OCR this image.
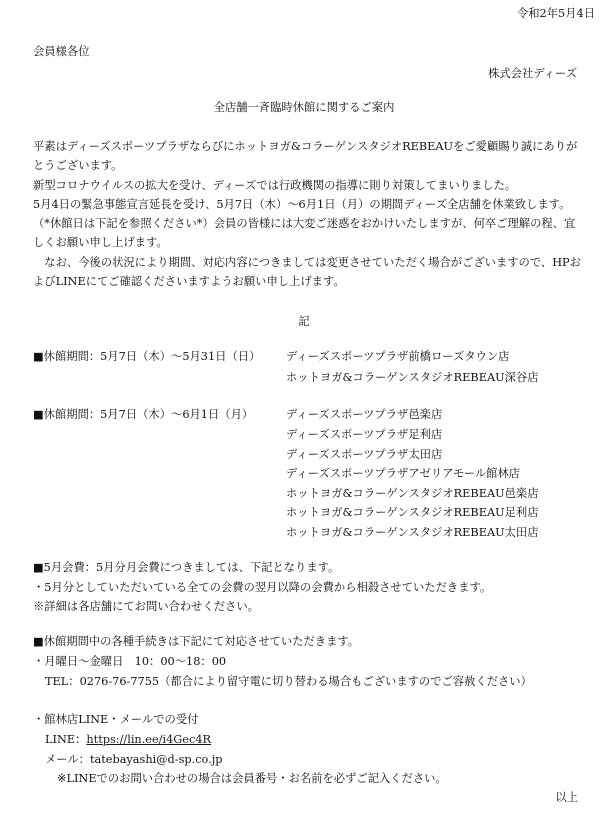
令和2年5月4日
会員様各位
株式会社ディーズ
全店舗一斉臨時休館に関するご案内
平素はディーズスポーツプラザならびにホットヨガ&コラーゲンスタジオREBEAUをご愛顧賜り誠にありがとうございます。
新型コロナウイルスの拡大を受け、ディーズでは行政機関の指導に則り対策してまいりました。
5月4日の緊急事態宣言延長を受け、5月7日（木）〜6月1日（月）の期間ディーズ全店舗を休業致します。（*休館日は下記を参照ください*）会員の皆様には大変ご迷惑をおかけいたしますが、何卒ご理解の程、宜しくお願い申し上げます。
なお、今後の状況により期間、対応内容につきましては変更させていただく場合がございますので、HPおよびLINEにてご確認くださいますようお願い申し上げます。
記
■休館期間：5月7日（木）〜5月31日（日） ディーズスポーツプラザ前橋ローズタウン店
ホットヨガ&コラーゲンスタジオREBEAU深谷店
■休館期間：5月7日（木）〜6月1日（月）	ディーズスポーツプラザ邑楽店
ディーズスポーツプラザ足利店
ディーズスポーツプラザ太田店
ディーズスポーツプラザアゼリアモール館林店
ホットヨガ&コラーゲンスタジオREBEAU邑楽店
ホットヨガ&コラーゲンスタジオREBEAU足利店
ホットヨガ&コラーゲンスタジオREBEAU太田店
■5月会費：5月分月会費につきましては、下記となります。
・5月分としていただいている全ての会費の翌月以降の会費から相殺させていただきます。
※詳細は各店舗にてお問い合わせください。
■休館期間中の各種手続きは下記にて対応させていただきます。
・月曜日〜金曜日　10：00〜18：00
TEL：0276-76-7755（都合により留守電に切り替わる場合もございますのでご容赦ください）
・館林店LINE・メールでの受付
LINE：https://lin.ee/i4Gec4R
メール：tatebayashi@d-sp.co.jp
※LINEでのお問い合わせの場合は会員番号・お名前を必ずご記入ください。
以上
